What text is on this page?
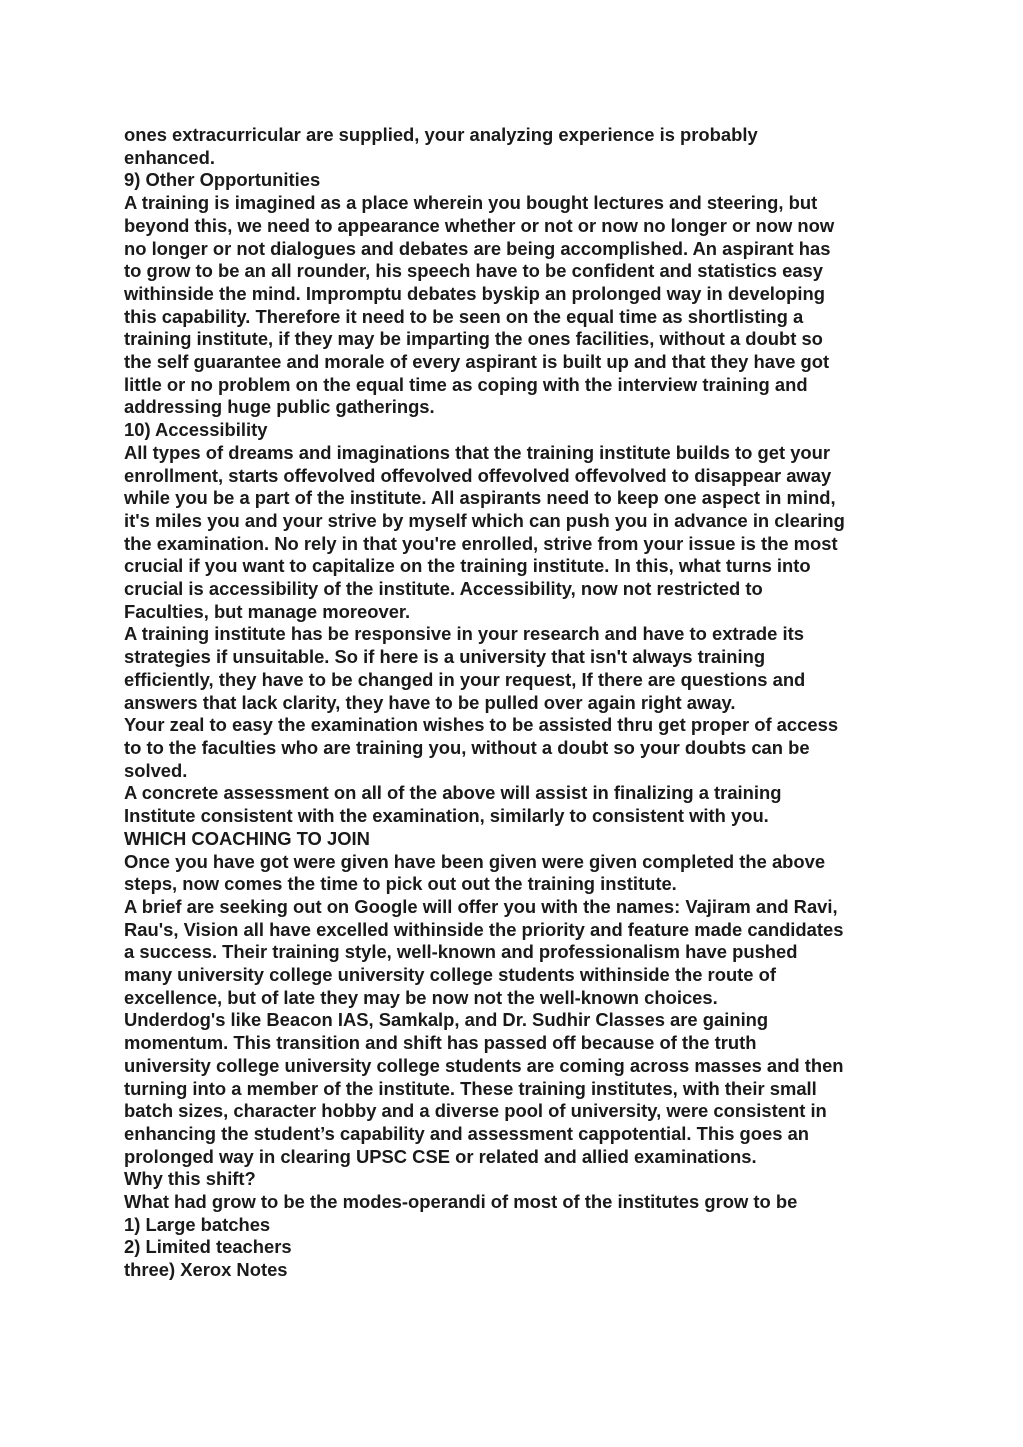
ones extracurricular are supplied, your analyzing experience is probably
enhanced.
9) Other Opportunities
A training is imagined as a place wherein you bought lectures and steering, but
beyond this, we need to appearance whether or not or now no longer or now now
no longer or not dialogues and debates are being accomplished. An aspirant has
to grow to be an all rounder, his speech have to be confident and statistics easy
withinside the mind. Impromptu debates byskip an prolonged way in developing
this capability. Therefore it need to be seen on the equal time as shortlisting a
training institute, if they may be imparting the ones facilities, without a doubt so
the self guarantee and morale of every aspirant is built up and that they have got
little or no problem on the equal time as coping with the interview training and
addressing huge public gatherings.
10) Accessibility
All types of dreams and imaginations that the training institute builds to get your
enrollment, starts offevolved offevolved offevolved offevolved to disappear away
while you be a part of the institute. All aspirants need to keep one aspect in mind,
it's miles you and your strive by myself which can push you in advance in clearing
the examination. No rely in that you're enrolled, strive from your issue is the most
crucial if you want to capitalize on the training institute. In this, what turns into
crucial is accessibility of the institute. Accessibility, now not restricted to
Faculties, but manage moreover.
A training institute has be responsive in your research and have to extrade its
strategies if unsuitable. So if here is a university that isn't always training
efficiently, they have to be changed in your request, If there are questions and
answers that lack clarity, they have to be pulled over again right away.
Your zeal to easy the examination wishes to be assisted thru get proper of access
to to the faculties who are training you, without a doubt so your doubts can be
solved.
A concrete assessment on all of the above will assist in finalizing a training
Institute consistent with the examination, similarly to consistent with you.
WHICH COACHING TO JOIN
Once you have got were given have been given were given completed the above
steps, now comes the time to pick out out the training institute.
A brief are seeking out on Google will offer you with the names: Vajiram and Ravi,
Rau's, Vision all have excelled withinside the priority and feature made candidates
a success. Their training style, well-known and professionalism have pushed
many university college university college students withinside the route of
excellence, but of late they may be now not the well-known choices.
Underdog's like Beacon IAS, Samkalp, and Dr. Sudhir Classes are gaining
momentum. This transition and shift has passed off because of the truth
university college university college students are coming across masses and then
turning into a member of the institute. These training institutes, with their small
batch sizes, character hobby and a diverse pool of university, were consistent in
enhancing the student’s capability and assessment cappotential. This goes an
prolonged way in clearing UPSC CSE or related and allied examinations.
Why this shift?
What had grow to be the modes-operandi of most of the institutes grow to be
1) Large batches
2) Limited teachers
three) Xerox Notes
